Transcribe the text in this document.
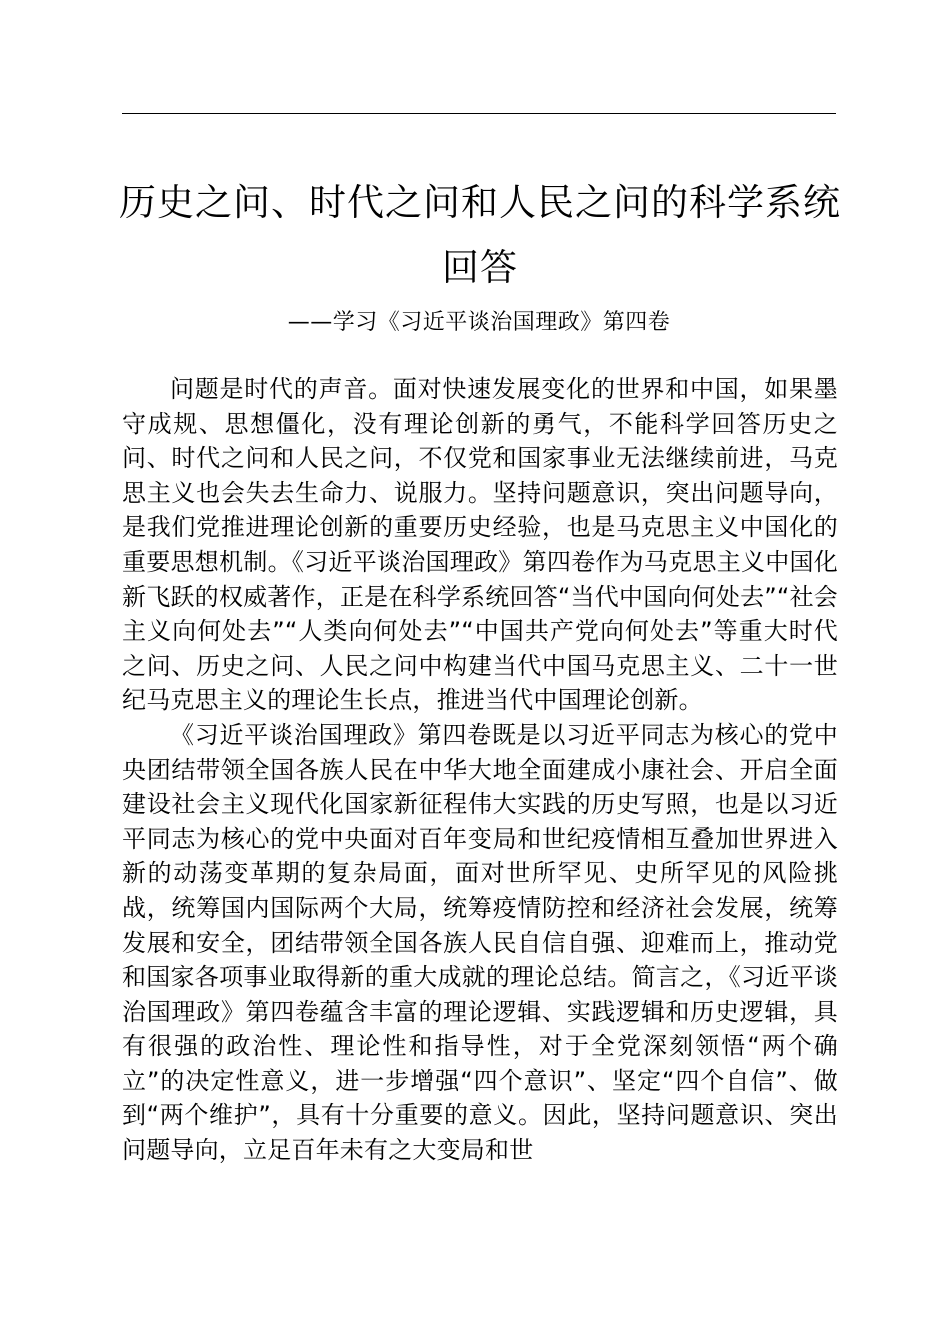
历史之问、时代之问和人民之问的科学系统回答
——学习《习近平谈治国理政》第四卷

问题是时代的声音。面对快速发展变化的世界和中国，如果墨守成规、思想僵化，没有理论创新的勇气，不能科学回答历史之问、时代之问和人民之问，不仅党和国家事业无法继续前进，马克思主义也会失去生命力、说服力。坚持问题意识，突出问题导向，是我们党推进理论创新的重要历史经验，也是马克思主义中国化的重要思想机制。《习近平谈治国理政》第四卷作为马克思主义中国化新飞跃的权威著作，正是在科学系统回答“当代中国向何处去”“社会主义向何处去”“人类向何处去”“中国共产党向何处去”等重大时代之问、历史之问、人民之问中构建当代中国马克思主义、二十一世纪马克思主义的理论生长点，推进当代中国理论创新。

《习近平谈治国理政》第四卷既是以习近平同志为核心的党中央团结带领全国各族人民在中华大地全面建成小康社会、开启全面建设社会主义现代化国家新征程伟大实践的历史写照，也是以习近平同志为核心的党中央面对百年变局和世纪疫情相互叠加世界进入新的动荡变革期的复杂局面，面对世所罕见、史所罕见的风险挑战，统筹国内国际两个大局，统筹疫情防控和经济社会发展，统筹发展和安全，团结带领全国各族人民自信自强、迎难而上，推动党和国家各项事业取得新的重大成就的理论总结。简言之，《习近平谈治国理政》第四卷蕴含丰富的理论逻辑、实践逻辑和历史逻辑，具有很强的政治性、理论性和指导性，对于全党深刻领悟“两个确立”的决定性意义，进一步增强“四个意识”、坚定“四个自信”、做到“两个维护”，具有十分重要的意义。因此，坚持问题意识、突出问题导向，立足百年未有之大变局和世
